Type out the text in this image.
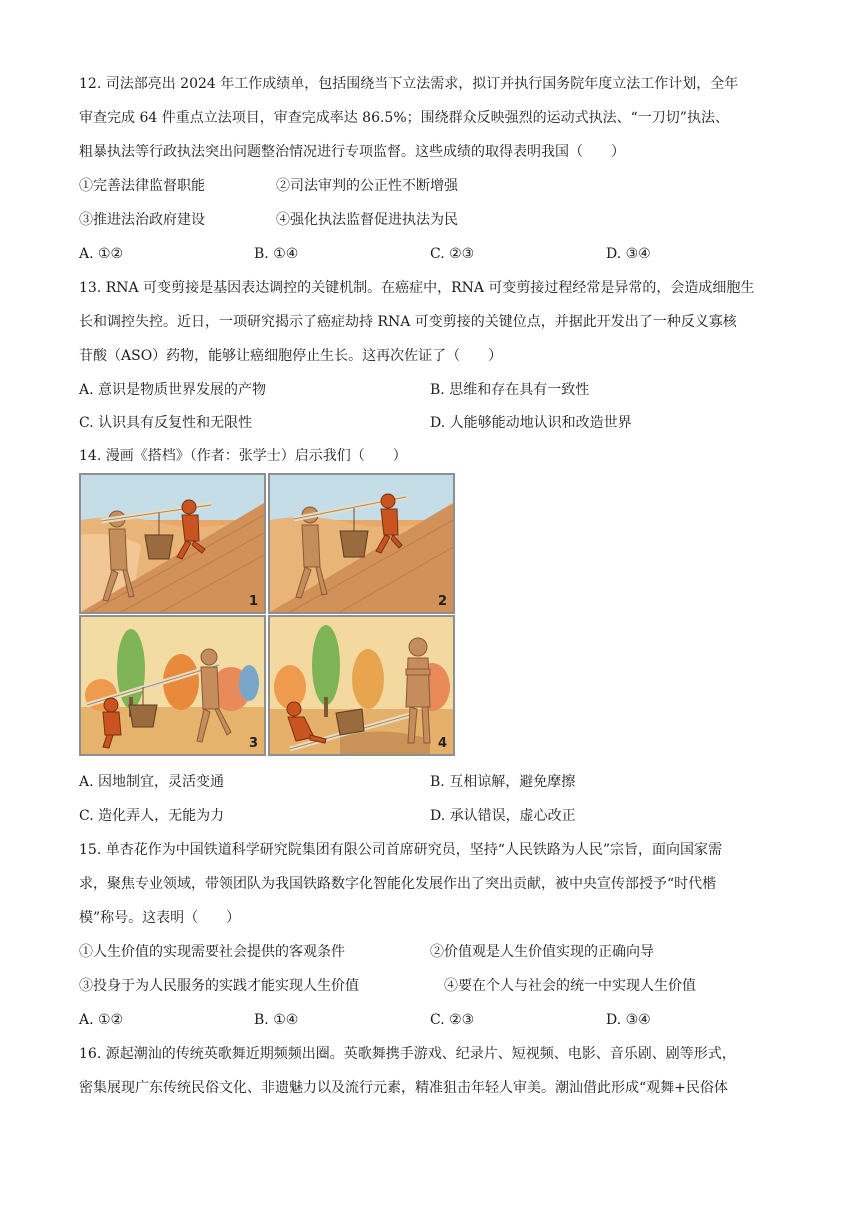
12. 司法部亮出 2024 年工作成绩单，包括围绕当下立法需求，拟订并执行国务院年度立法工作计划，全年
审查完成 64 件重点立法项目，审查完成率达 86.5%；围绕群众反映强烈的运动式执法、“一刀切”执法、
粗暴执法等行政执法突出问题整治情况进行专项监督。这些成绩的取得表明我国（　　）
①完善法律监督职能	②司法审判的公正性不断增强
③推进法治政府建设	④强化执法监督促进执法为民
A. ①②	B. ①④	C. ②③	D. ③④
13. RNA 可变剪接是基因表达调控的关键机制。在癌症中，RNA 可变剪接过程经常是异常的，会造成细胞生
长和调控失控。近日，一项研究揭示了癌症劫持 RNA 可变剪接的关键位点，并据此开发出了一种反义寡核
苷酸（ASO）药物，能够让癌细胞停止生长。这再次佐证了（　　）
A. 意识是物质世界发展的产物	B. 思维和存在具有一致性
C. 认识具有反复性和无限性	D. 人能够能动地认识和改造世界
14. 漫画《搭档》（作者：张学士）启示我们（　　）
1	2
3	4
A. 因地制宜，灵活变通	B. 互相谅解，避免摩擦
C. 造化弄人，无能为力	D. 承认错误，虚心改正
15. 单杏花作为中国铁道科学研究院集团有限公司首席研究员，坚持“人民铁路为人民”宗旨，面向国家需
求，聚焦专业领域，带领团队为我国铁路数字化智能化发展作出了突出贡献，被中央宣传部授予“时代楷
模”称号。这表明（　　）
①人生价值的实现需要社会提供的客观条件	②价值观是人生价值实现的正确向导
③投身于为人民服务的实践才能实现人生价值	④要在个人与社会的统一中实现人生价值
A. ①②	B. ①④	C. ②③	D. ③④
16. 源起潮汕的传统英歌舞近期频频出圈。英歌舞携手游戏、纪录片、短视频、电影、音乐剧、剧等形式，
密集展现广东传统民俗文化、非遗魅力以及流行元素，精准狙击年轻人审美。潮汕借此形成“观舞+民俗体
